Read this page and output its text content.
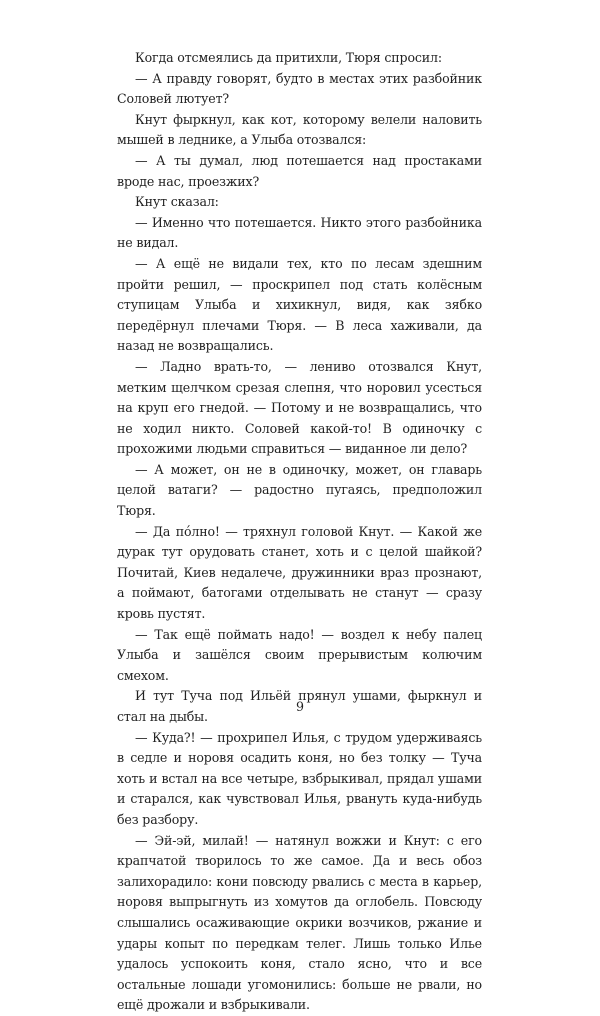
Когда отсмеялись да притихли, Тюря спросил:

— А правду говорят, будто в местах этих разбойник Соловей лютует?

Кнут фыркнул, как кот, которому велели наловить мышей в леднике, а Улыба отозвался:

— А ты думал, люд потешается над простаками вроде нас, проезжих?

Кнут сказал:

— Именно что потешается. Никто этого разбойника не видал.

— А ещё не видали тех, кто по лесам здешним пройти решил, — проскрипел под стать колёсным ступицам Улыба и хихикнул, видя, как зябко передёрнул плечами Тюря. — В леса хаживали, да назад не возвращались.

— Ладно врать-то, — лениво отозвался Кнут, метким щелчком срезая слепня, что норовил усесться на круп его гнедой. — Потому и не возвращались, что не ходил никто. Соловей какой-то! В одиночку с прохожими людьми справиться — виданное ли дело?

— А может, он не в одиночку, может, он главарь целой ватаги? — радостно пугаясь, предположил Тюря.

— Да пóлно! — тряхнул головой Кнут. — Какой же дурак тут орудовать станет, хоть и с целой шайкой? Почитай, Киев недалече, дружинники враз прознают, а поймают, батогами отделывать не станут — сразу кровь пустят.

— Так ещё поймать надо! — воздел к небу палец Улыба и зашёлся своим прерывистым колючим смехом.

И тут Туча под Ильёй прянул ушами, фыркнул и стал на дыбы.

— Куда?! — прохрипел Илья, с трудом удерживаясь в седле и норовя осадить коня, но без толку — Туча хоть и встал на все четыре, взбрыкивал, прядал ушами и старался, как чувствовал Илья, рвануть куда-нибудь без разбору.

— Эй-эй, милай! — натянул вожжи и Кнут: с его крапчатой творилось то же самое. Да и весь обоз залихорадило: кони повсюду рвались с места в карьер, норовя выпрыгнуть из хомутов да оглобель. Повсюду слышались осаживающие окрики возчиков, ржание и удары копыт по передкам телег. Лишь только Илье удалось успокоить коня, стало ясно, что и все остальные лошади угомонились: больше не рвали, но ещё дрожали и взбрыкивали.

9
